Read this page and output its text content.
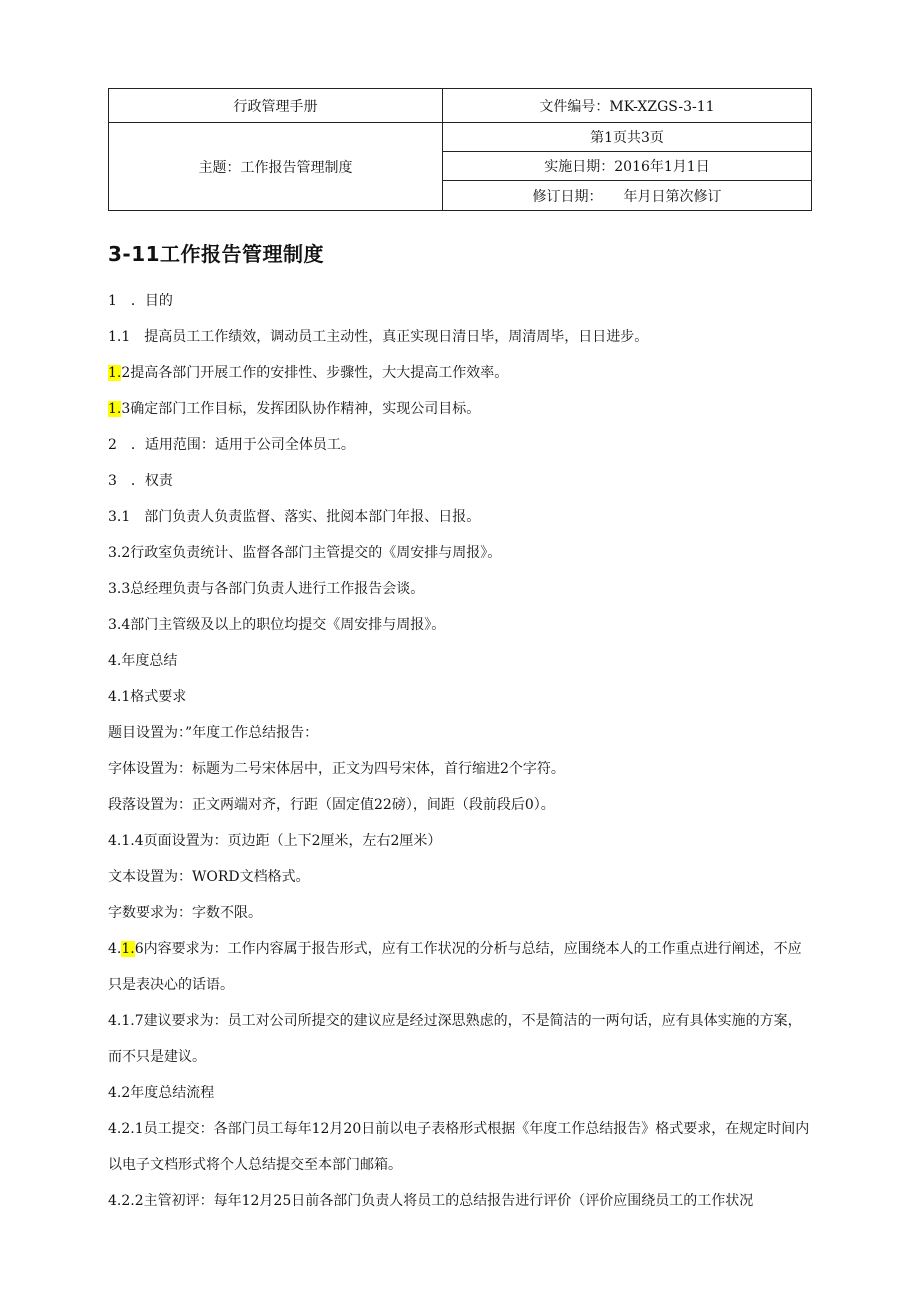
行政管理手册	文件编号：MK-XZGS-3-11
主题：工作报告管理制度	第1页共3页
	实施日期：2016年1月1日
	修订日期：　　年月日第次修订
3-11工作报告管理制度

1　．目的

1.1　提高员工工作绩效，调动员工主动性，真正实现日清日毕，周清周毕，日日进步。

1.2提高各部门开展工作的安排性、步骤性，大大提高工作效率。

1.3确定部门工作目标，发挥团队协作精神，实现公司目标。

2　．适用范围：适用于公司全体员工。

3　．权责

3.1　部门负责人负责监督、落实、批阅本部门年报、日报。

3.2行政室负责统计、监督各部门主管提交的《周安排与周报》。

3.3总经理负责与各部门负责人进行工作报告会谈。

3.4部门主管级及以上的职位均提交《周安排与周报》。

4.年度总结

4.1格式要求

题目设置为：”年度工作总结报告：

字体设置为：标题为二号宋体居中，正文为四号宋体，首行缩进2个字符。

段落设置为：正文两端对齐，行距（固定值22磅），间距（段前段后0）。

4.1.4页面设置为：页边距（上下2厘米，左右2厘米）

文本设置为：WORD文档格式。

字数要求为：字数不限。

4.1.6内容要求为：工作内容属于报告形式，应有工作状况的分析与总结，应围绕本人的工作重点进行阐述，不应只是表决心的话语。

4.1.7建议要求为：员工对公司所提交的建议应是经过深思熟虑的，不是简洁的一两句话，应有具体实施的方案，而不只是建议。

4.2年度总结流程

4.2.1员工提交：各部门员工每年12月20日前以电子表格形式根据《年度工作总结报告》格式要求，在规定时间内以电子文档形式将个人总结提交至本部门邮箱。

4.2.2主管初评：每年12月25日前各部门负责人将员工的总结报告进行评价（评价应围绕员工的工作状况
